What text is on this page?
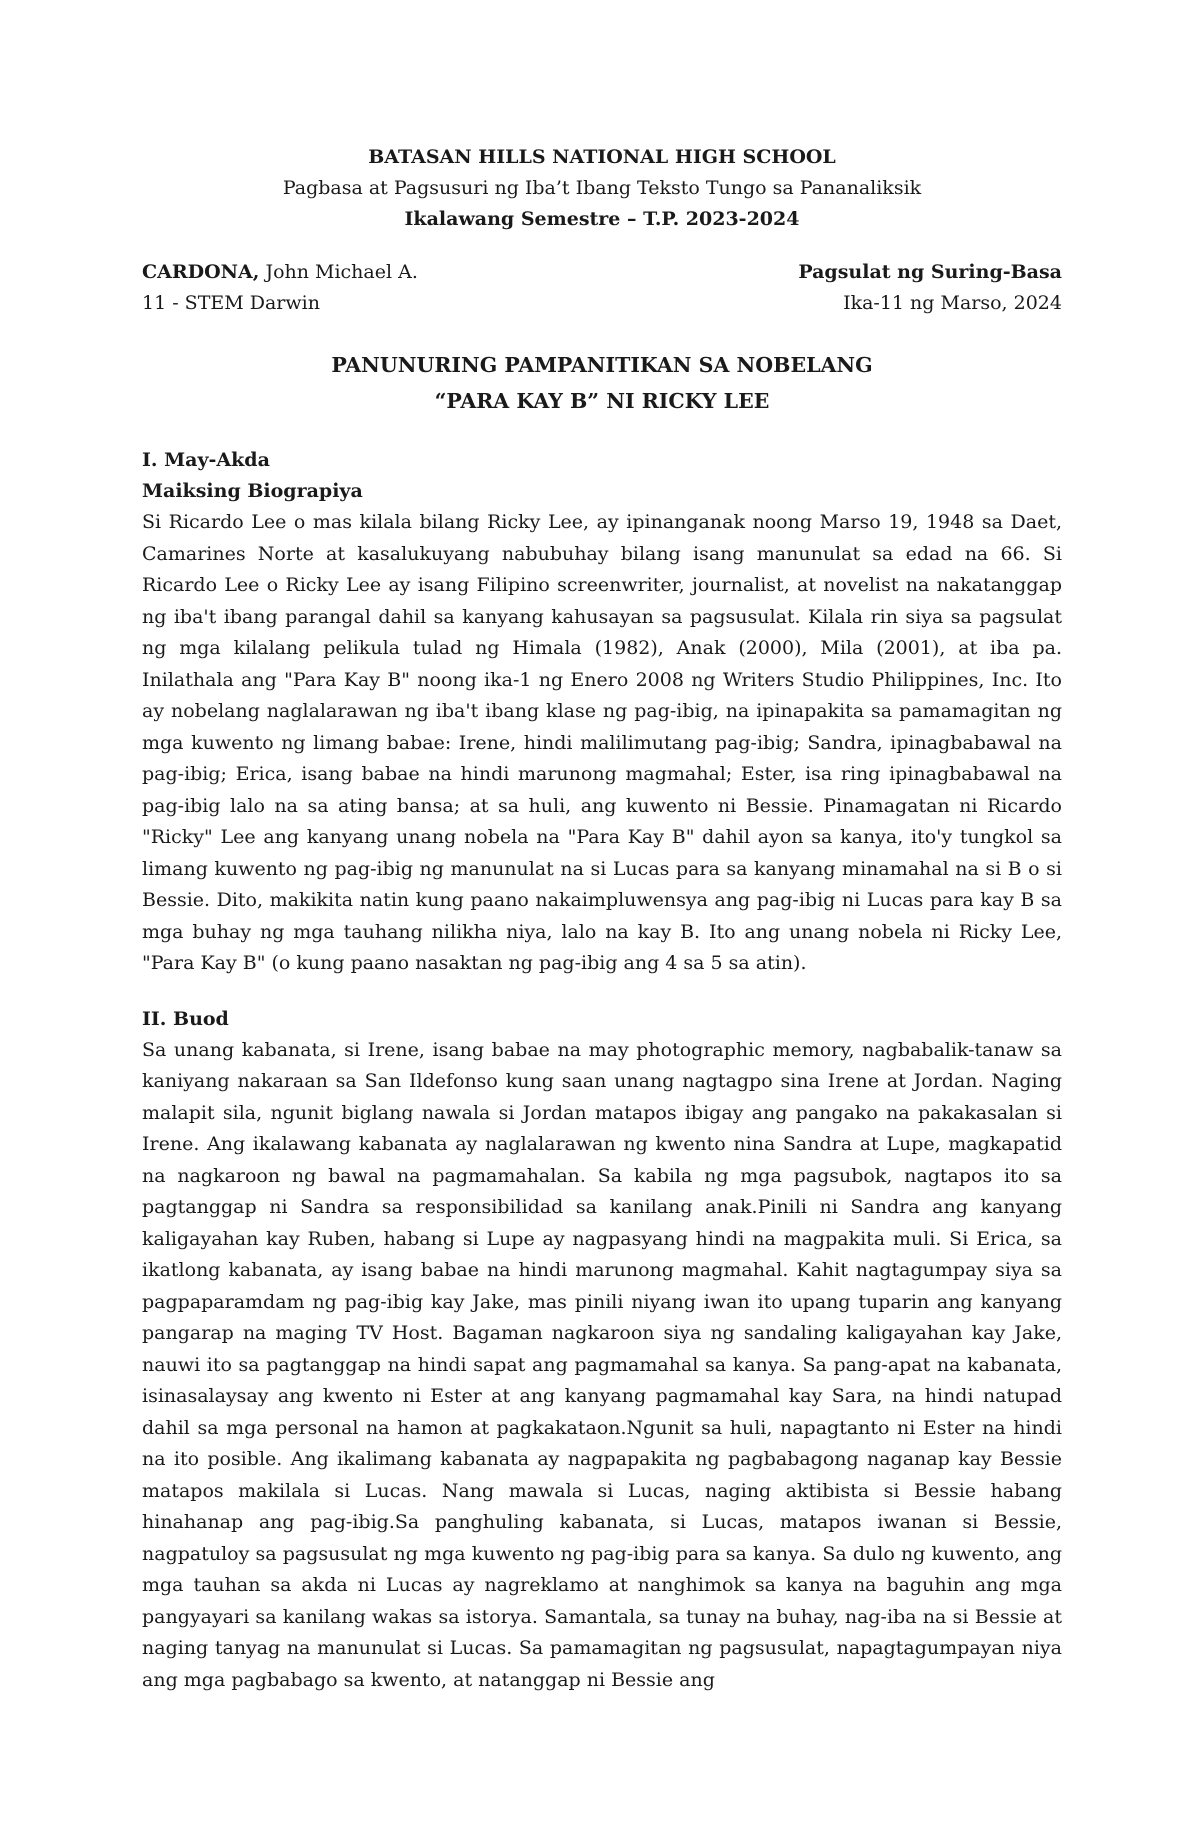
BATASAN HILLS NATIONAL HIGH SCHOOL
Pagbasa at Pagsusuri ng Iba’t Ibang Teksto Tungo sa Pananaliksik
Ikalawang Semestre – T.P. 2023-2024
CARDONA, John Michael A.
11 - STEM Darwin
Pagsulat ng Suring-Basa
Ika-11 ng Marso, 2024
PANUNURING PAMPANITIKAN SA NOBELANG
“PARA KAY B” NI RICKY LEE
I. May-Akda
Maiksing Biograpiya

Si Ricardo Lee o mas kilala bilang Ricky Lee, ay ipinanganak noong Marso 19, 1948 sa Daet, Camarines Norte at kasalukuyang nabubuhay bilang isang manunulat sa edad na 66. Si Ricardo Lee o Ricky Lee ay isang Filipino screenwriter, journalist, at novelist na nakatanggap ng iba't ibang parangal dahil sa kanyang kahusayan sa pagsusulat. Kilala rin siya sa pagsulat ng mga kilalang pelikula tulad ng Himala (1982), Anak (2000), Mila (2001), at iba pa. Inilathala ang "Para Kay B" noong ika-1 ng Enero 2008 ng Writers Studio Philippines, Inc. Ito ay nobelang naglalarawan ng iba't ibang klase ng pag-ibig, na ipinapakita sa pamamagitan ng mga kuwento ng limang babae: Irene, hindi malilimutang pag-ibig; Sandra, ipinagbabawal na pag-ibig; Erica, isang babae na hindi marunong magmahal; Ester, isa ring ipinagbabawal na pag-ibig lalo na sa ating bansa; at sa huli, ang kuwento ni Bessie. Pinamagatan ni Ricardo "Ricky" Lee ang kanyang unang nobela na "Para Kay B" dahil ayon sa kanya, ito'y tungkol sa limang kuwento ng pag-ibig ng manunulat na si Lucas para sa kanyang minamahal na si B o si Bessie. Dito, makikita natin kung paano nakaimpluwensya ang pag-ibig ni Lucas para kay B sa mga buhay ng mga tauhang nilikha niya, lalo na kay B. Ito ang unang nobela ni Ricky Lee, "Para Kay B" (o kung paano nasaktan ng pag-ibig ang 4 sa 5 sa atin).

II. Buod

Sa unang kabanata, si Irene, isang babae na may photographic memory, nagbabalik-tanaw sa kaniyang nakaraan sa San Ildefonso kung saan unang nagtagpo sina Irene at Jordan. Naging malapit sila, ngunit biglang nawala si Jordan matapos ibigay ang pangako na pakakasalan si Irene. Ang ikalawang kabanata ay naglalarawan ng kwento nina Sandra at Lupe, magkapatid na nagkaroon ng bawal na pagmamahalan. Sa kabila ng mga pagsubok, nagtapos ito sa pagtanggap ni Sandra sa responsibilidad sa kanilang anak.Pinili ni Sandra ang kanyang kaligayahan kay Ruben, habang si Lupe ay nagpasyang hindi na magpakita muli. Si Erica, sa ikatlong kabanata, ay isang babae na hindi marunong magmahal. Kahit nagtagumpay siya sa pagpaparamdam ng pag-ibig kay Jake, mas pinili niyang iwan ito upang tuparin ang kanyang pangarap na maging TV Host. Bagaman nagkaroon siya ng sandaling kaligayahan kay Jake, nauwi ito sa pagtanggap na hindi sapat ang pagmamahal sa kanya. Sa pang-apat na kabanata, isinasalaysay ang kwento ni Ester at ang kanyang pagmamahal kay Sara, na hindi natupad dahil sa mga personal na hamon at pagkakataon.Ngunit sa huli, napagtanto ni Ester na hindi na ito posible. Ang ikalimang kabanata ay nagpapakita ng pagbabagong naganap kay Bessie matapos makilala si Lucas. Nang mawala si Lucas, naging aktibista si Bessie habang hinahanap ang pag-ibig.Sa panghuling kabanata, si Lucas, matapos iwanan si Bessie, nagpatuloy sa pagsusulat ng mga kuwento ng pag-ibig para sa kanya. Sa dulo ng kuwento, ang mga tauhan sa akda ni Lucas ay nagreklamo at nanghimok sa kanya na baguhin ang mga pangyayari sa kanilang wakas sa istorya. Samantala, sa tunay na buhay, nag-iba na si Bessie at naging tanyag na manunulat si Lucas. Sa pamamagitan ng pagsusulat, napagtagumpayan niya ang mga pagbabago sa kwento, at natanggap ni Bessie ang
